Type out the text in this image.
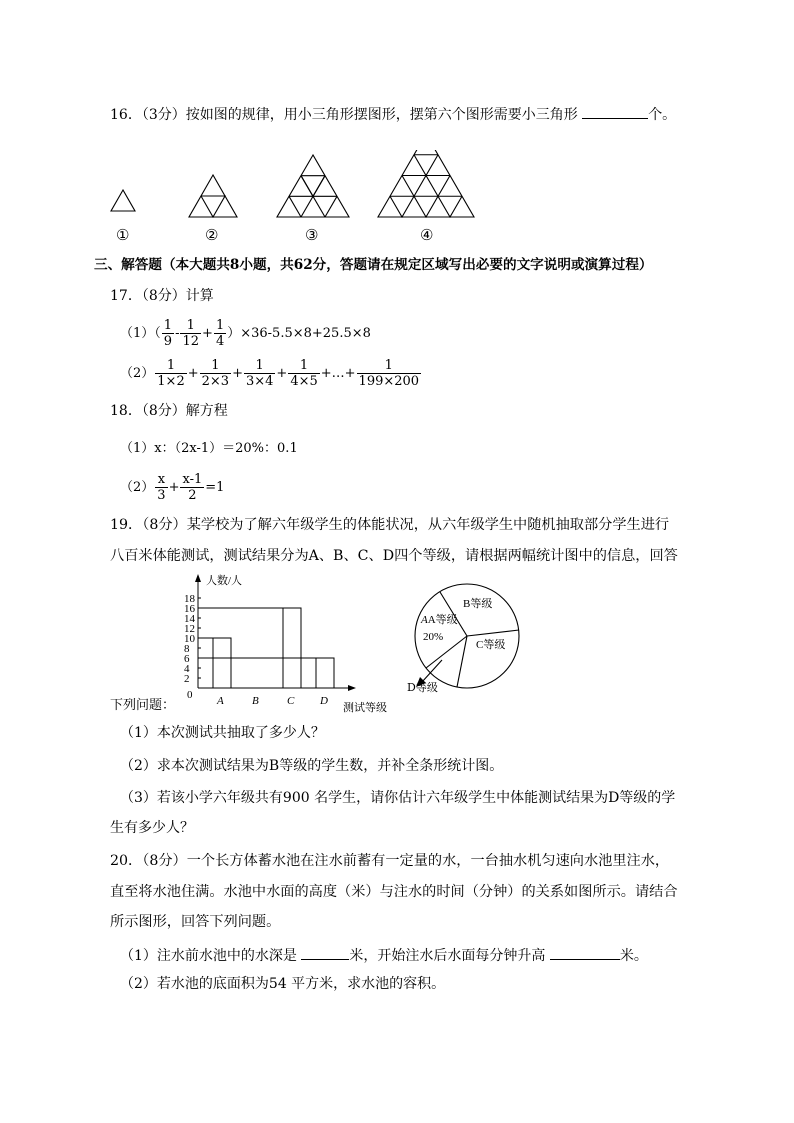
16．（3分）按如图的规律，用小三角形摆图形，摆第六个图形需要小三角形	个。
①	②	③	④
三、解答题（本大题共8小题，共62分，答题请在规定区域写出必要的文字说明或演算过程）
17．（8分）计算
$(1)( \frac{1}{9} - \frac{1}{12} + \frac{1}{4} )\times 36-5.5\times 8+25.5\times 8$
$(2) \frac{1}{1\times 2} + \frac{1}{2\times 3} + \frac{1}{3\times 4} + \frac{1}{4\times 5}$ +…+ $\frac{1}{199\times 200}$
18．（8分）解方程
（1）x：（2x-1）＝20%：0.1
$(2) \frac{x}{3} + \frac{x-1}{2} =1$
19．（8分）某学校为了解六年级学生的体能状况，从六年级学生中随机抽取部分学生进行
八百米体能测试，测试结果分为A、B、C、D四个等级，请根据两幅统计图中的信息，回答
人数/人
测试等级
0
2
4
6
8
10
12
14
16
18
A	B	C D
AA等级
20%
B等级
C等级
D等级
下列问题：
（1）本次测试共抽取了多少人？
（2）求本次测试结果为B等级的学生数，并补全条形统计图。
（3）若该小学六年级共有900 名学生，请你估计六年级学生中体能测试结果为D等级的学
生有多少人？
20．（8分）一个长方体蓄水池在注水前蓄有一定量的水，一台抽水机匀速向水池里注水，
直至将水池住满。水池中水面的高度（米）与注水的时间（分钟）的关系如图所示。请结合
所示图形，回答下列问题。
（1）注水前水池中的水深是	米，开始注水后水面每分钟升高	米。
（2）若水池的底面积为54 平方米，求水池的容积。
